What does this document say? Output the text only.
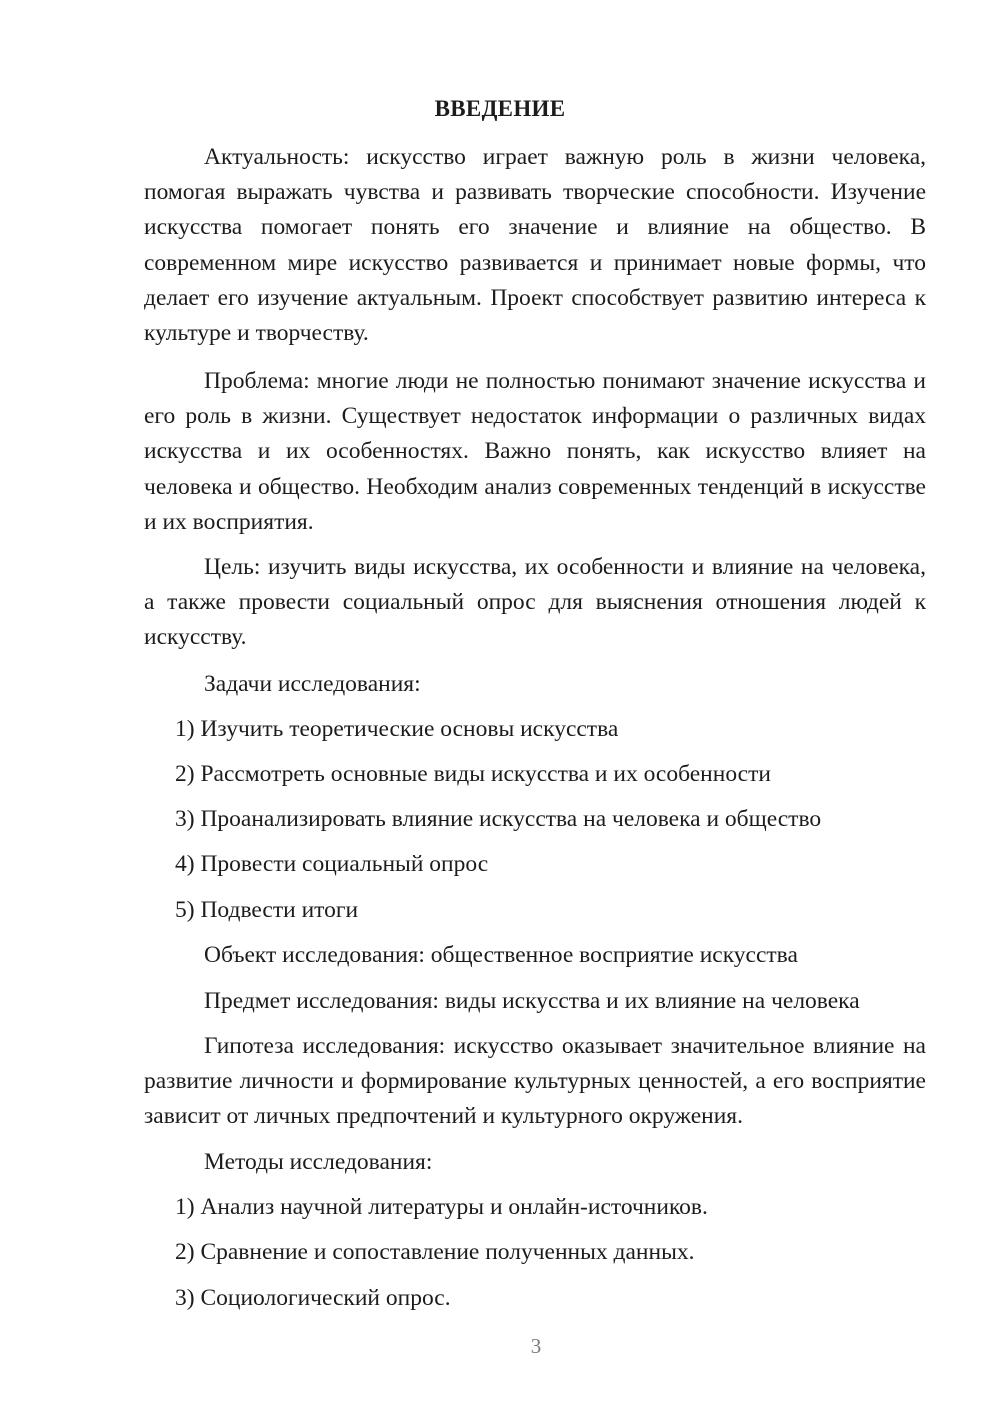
ВВЕДЕНИЕ

Актуальность: искусство играет важную роль в жизни человека, помогая выражать чувства и развивать творческие способности. Изучение искусства помогает понять его значение и влияние на общество. В современном мире искусство развивается и принимает новые формы, что делает его изучение актуальным. Проект способствует развитию интереса к культуре и творчеству.

Проблема: многие люди не полностью понимают значение искусства и его роль в жизни. Существует недостаток информации о различных видах искусства и их особенностях. Важно понять, как искусство влияет на человека и общество. Необходим анализ современных тенденций в искусстве и их восприятия.

Цель: изучить виды искусства, их особенности и влияние на человека, а также провести социальный опрос для выяснения отношения людей к искусству.

Задачи исследования:

1) Изучить теоретические основы искусства

2) Рассмотреть основные виды искусства и их особенности

3) Проанализировать влияние искусства на человека и общество

4) Провести социальный опрос

5) Подвести итоги

Объект исследования: общественное восприятие искусства

Предмет исследования: виды искусства и их влияние на человека

Гипотеза исследования: искусство оказывает значительное влияние на развитие личности и формирование культурных ценностей, а его восприятие зависит от личных предпочтений и культурного окружения.

Методы исследования:

1) Анализ научной литературы и онлайн-источников.

2) Сравнение и сопоставление полученных данных.

3) Социологический опрос.

3
